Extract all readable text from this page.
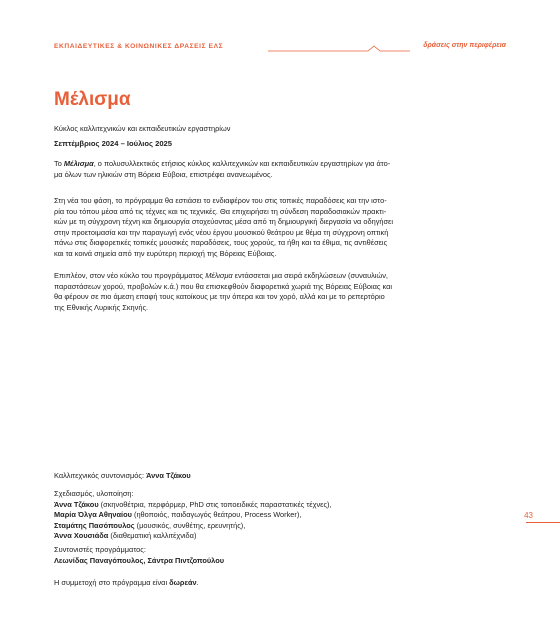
ΕΚΠΑΙΔΕΥΤΙΚΕΣ & ΚΟΙΝΩΝΙΚΕΣ ΔΡΑΣΕΙΣ ΕΛΣ	δράσεις στην περιφέρεια
Μέλισμα
Κύκλος καλλιτεχνικών και εκπαιδευτικών εργαστηρίων
Σεπτέμβριος 2024 – Ιούλιος 2025
Το Μέλισμα, ο πολυσυλλεκτικός ετήσιος κύκλος καλλιτεχνικών και εκπαιδευτικών εργαστηρίων για άτο-
μα όλων των ηλικιών στη Βόρεια Εύβοια, επιστρέφει ανανεωμένος.
Στη νέα του φάση, το πρόγραμμα θα εστιάσει το ενδιαφέρον του στις τοπικές παραδόσεις και την ιστο-
ρία του τόπου μέσα από τις τέχνες και τις τεχνικές. Θα επιχειρήσει τη σύνδεση παραδοσιακών πρακτι-
κών με τη σύγχρονη τέχνη και δημιουργία στοχεύοντας μέσα από τη δημιουργική διεργασία να οδηγήσει
στην προετοιμασία και την παραγωγή ενός νέου έργου μουσικού θεάτρου με θέμα τη σύγχρονη οπτική
πάνω στις διαφορετικές τοπικές μουσικές παραδόσεις, τους χορούς, τα ήθη και τα έθιμα, τις αντιθέσεις
και τα κοινά σημεία από την ευρύτερη περιοχή της Βόρειας Εύβοιας.
Επιπλέον, στον νέο κύκλο του προγράμματος Μέλισμα εντάσσεται μια σειρά εκδηλώσεων (συναυλιών,
παραστάσεων χορού, προβολών κ.ά.) που θα επισκεφθούν διαφορετικά χωριά της Βόρειας Εύβοιας και
θα φέρουν σε πιο άμεση επαφή τους κατοίκους με την όπερα και τον χορό, αλλά και με το ρεπερτόριο
της Εθνικής Λυρικής Σκηνής.
Καλλιτεχνικός συντονισμός: Άννα Τζάκου
Σχεδιασμός, υλοποίηση:
Άννα Τζάκου (σκηνοθέτρια, περφόρμερ, PhD στις τοποειδικές παραστατικές τέχνες),
Μαρία Όλγα Αθηναίου (ηθοποιός, παιδαγωγός θεάτρου, Process Worker),
Σταμάτης Πασόπουλος (μουσικός, συνθέτης, ερευνητής),
Άννα Χουσιάδα (διαθεματική καλλιτέχνιδα)
Συντονιστές προγράμματος:
Λεωνίδας Παναγόπουλος, Σάντρα Πιντζοπούλου
Η συμμετοχή στο πρόγραμμα είναι δωρεάν.
43
